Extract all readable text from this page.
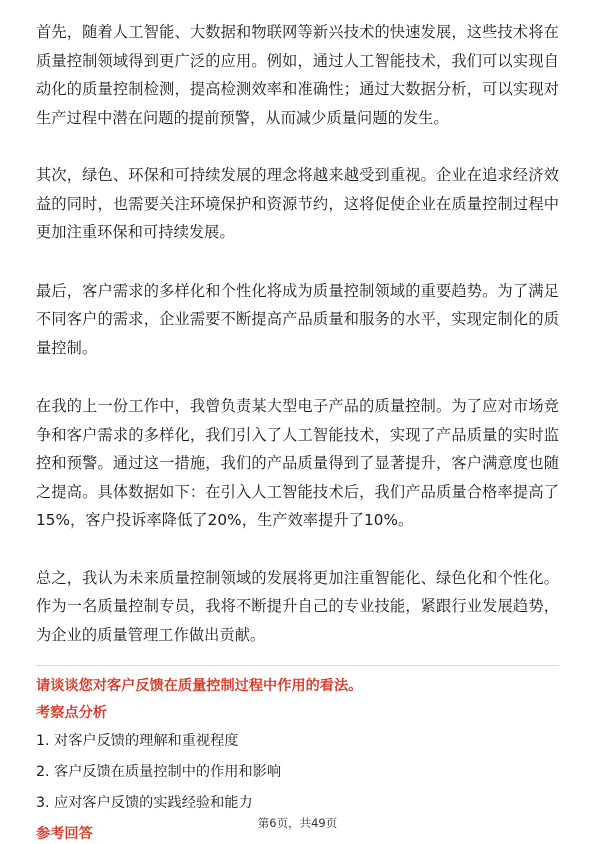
首先，随着人工智能、大数据和物联网等新兴技术的快速发展，这些技术将在质量控制领域得到更广泛的应用。例如，通过人工智能技术，我们可以实现自动化的质量控制检测，提高检测效率和准确性；通过大数据分析，可以实现对生产过程中潜在问题的提前预警，从而减少质量问题的发生。

其次，绿色、环保和可持续发展的理念将越来越受到重视。企业在追求经济效益的同时，也需要关注环境保护和资源节约，这将促使企业在质量控制过程中更加注重环保和可持续发展。

最后，客户需求的多样化和个性化将成为质量控制领域的重要趋势。为了满足不同客户的需求，企业需要不断提高产品质量和服务的水平，实现定制化的质量控制。

在我的上一份工作中，我曾负责某大型电子产品的质量控制。为了应对市场竞争和客户需求的多样化，我们引入了人工智能技术，实现了产品质量的实时监控和预警。通过这一措施，我们的产品质量得到了显著提升，客户满意度也随之提高。具体数据如下：在引入人工智能技术后，我们产品质量合格率提高了15%，客户投诉率降低了20%，生产效率提升了10%。

总之，我认为未来质量控制领域的发展将更加注重智能化、绿色化和个性化。作为一名质量控制专员，我将不断提升自己的专业技能，紧跟行业发展趋势，为企业的质量管理工作做出贡献。

请谈谈您对客户反馈在质量控制过程中作用的看法。

考察点分析

1. 对客户反馈的理解和重视程度
2. 客户反馈在质量控制中的作用和影响
3. 应对客户反馈的实践经验和能力

参考回答

第6页，共49页
